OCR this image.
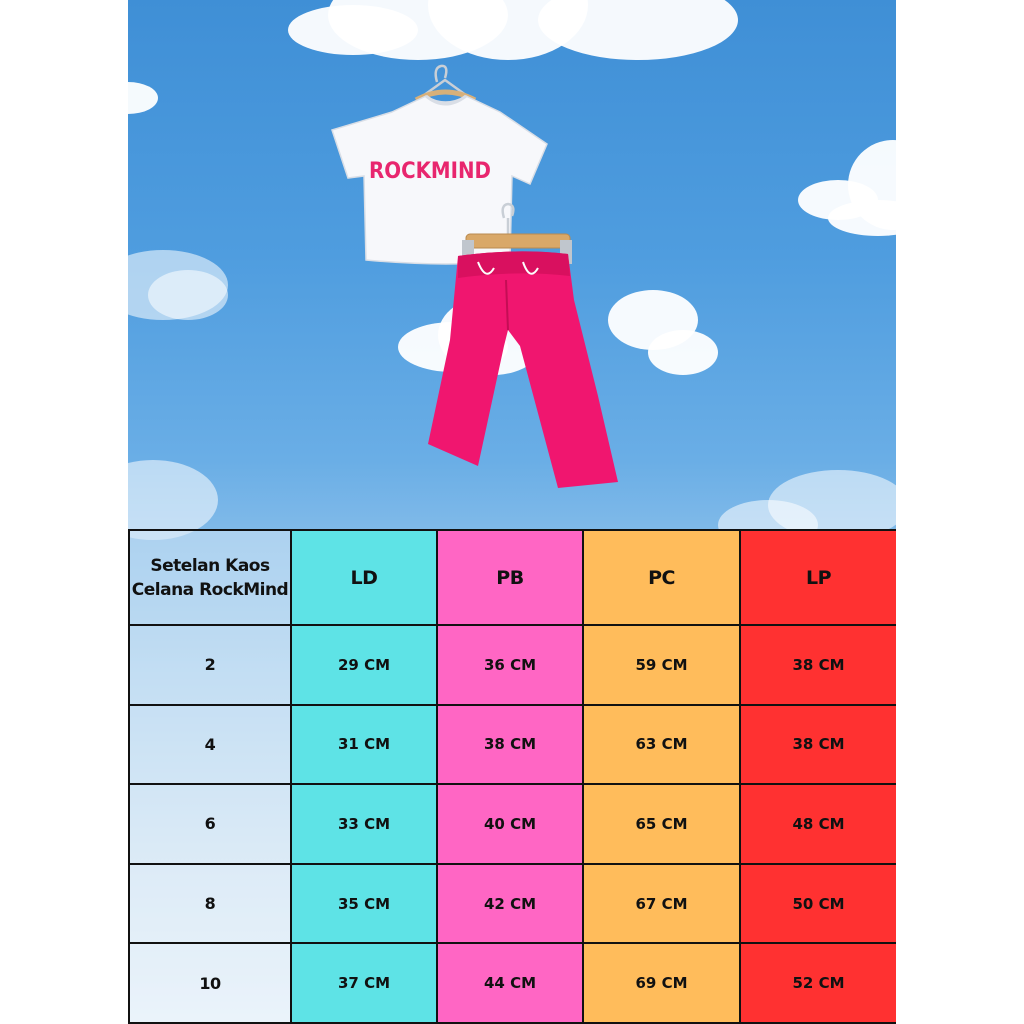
ROCKMIND
Setelan Kaos
Celana RockMind	LD	PB	PC	LP
2	29 CM	36 CM	59 CM	38 CM
4	31 CM	38 CM	63 CM	38 CM
6	33 CM	40 CM	65 CM	48 CM
8	35 CM	42 CM	67 CM	50 CM
10	37 CM	44 CM	69 CM	52 CM
